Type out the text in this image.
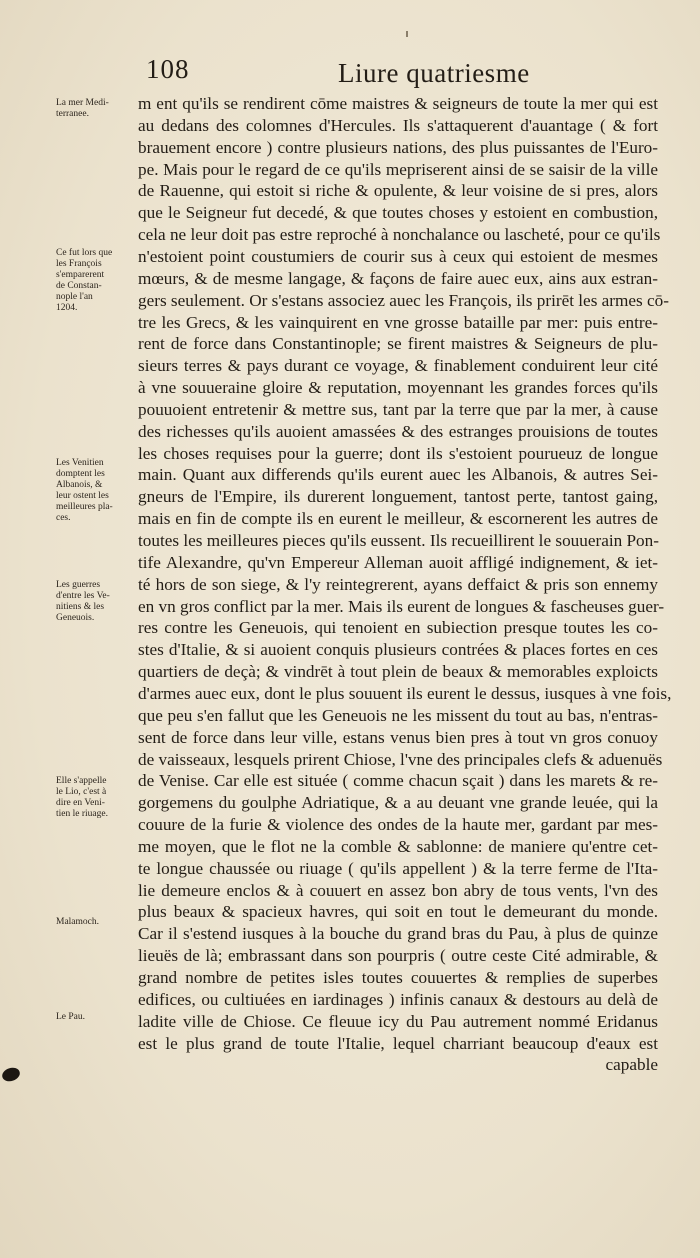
108	Liure quatriesme
m ent qu'ils se rendirent cōme maistres & seigneurs de toute la mer qui est
au dedans des colomnes d'Hercules. Ils s'attaquerent d'auantage ( & fort
brauement encore ) contre plusieurs nations, des plus puissantes de l'Euro-
pe. Mais pour le regard de ce qu'ils mepriserent ainsi de se saisir de la ville
de Rauenne, qui estoit si riche & opulente, & leur voisine de si pres, alors
que le Seigneur fut decedé, & que toutes choses y estoient en combustion,
cela ne leur doit pas estre reproché à nonchalance ou lascheté, pour ce qu'ils
n'estoient point coustumiers de courir sus à ceux qui estoient de mesmes
mœurs, & de mesme langage, & façons de faire auec eux, ains aux estran-
gers seulement. Or s'estans associez auec les François, ils prirēt les armes cō-
tre les Grecs, & les vainquirent en vne grosse bataille par mer: puis entre-
rent de force dans Constantinople; se firent maistres & Seigneurs de plu-
sieurs terres & pays durant ce voyage, & finablement conduirent leur cité
à vne souueraine gloire & reputation, moyennant les grandes forces qu'ils
pouuoient entretenir & mettre sus, tant par la terre que par la mer, à cause
des richesses qu'ils auoient amassées & des estranges prouisions de toutes
les choses requises pour la guerre; dont ils s'estoient pourueuz de longue
main. Quant aux differends qu'ils eurent auec les Albanois, & autres Sei-
gneurs de l'Empire, ils durerent longuement, tantost perte, tantost gaing,
mais en fin de compte ils en eurent le meilleur, & escornerent les autres de
toutes les meilleures pieces qu'ils eussent. Ils recueillirent le souuerain Pon-
tife Alexandre, qu'vn Empereur Alleman auoit affligé indignement, & iet-
té hors de son siege, & l'y reintegrerent, ayans deffaict & pris son ennemy
en vn gros conflict par la mer. Mais ils eurent de longues & fascheuses guer-
res contre les Geneuois, qui tenoient en subiection presque toutes les co-
stes d'Italie, & si auoient conquis plusieurs contrées & places fortes en ces
quartiers de deçà; & vindrēt à tout plein de beaux & memorables exploicts
d'armes auec eux, dont le plus souuent ils eurent le dessus, iusques à vne fois,
que peu s'en fallut que les Geneuois ne les missent du tout au bas, n'entras-
sent de force dans leur ville, estans venus bien pres à tout vn gros conuoy
de vaisseaux, lesquels prirent Chiose, l'vne des principales clefs & aduenuës
de Venise. Car elle est située ( comme chacun sçait ) dans les marets & re-
gorgemens du goulphe Adriatique, & a au deuant vne grande leuée, qui la
couure de la furie & violence des ondes de la haute mer, gardant par mes-
me moyen, que le flot ne la comble & sablonne: de maniere qu'entre cet-
te longue chaussée ou riuage ( qu'ils appellent ) & la terre ferme de l'Ita-
lie demeure enclos & à couuert en assez bon abry de tous vents, l'vn des
plus beaux & spacieux havres, qui soit en tout le demeurant du monde.
Car il s'estend iusques à la bouche du grand bras du Pau, à plus de quinze
lieuës de là; embrassant dans son pourpris ( outre ceste Cité admirable, &
grand nombre de petites isles toutes couuertes & remplies de superbes
edifices, ou cultiuées en iardinages ) infinis canaux & destours au delà de
ladite ville de Chiose. Ce fleuue icy du Pau autrement nommé Eridanus
est le plus grand de toute l'Italie, lequel charriant beaucoup d'eaux est
capable
La mer Medi-
terranee.
Ce fut lors que
les François
s'emparerent
de Constan-
nople l'an
1204.
Les Venitien
domptent les
Albanois, &
leur ostent les
meilleures pla-
ces.
Les guerres
d'entre les Ve-
nitiens & les
Geneuois.
Elle s'appelle
le Lio, c'est à
dire en Veni-
tien le riuage.
Malamoch.
Le Pau.
